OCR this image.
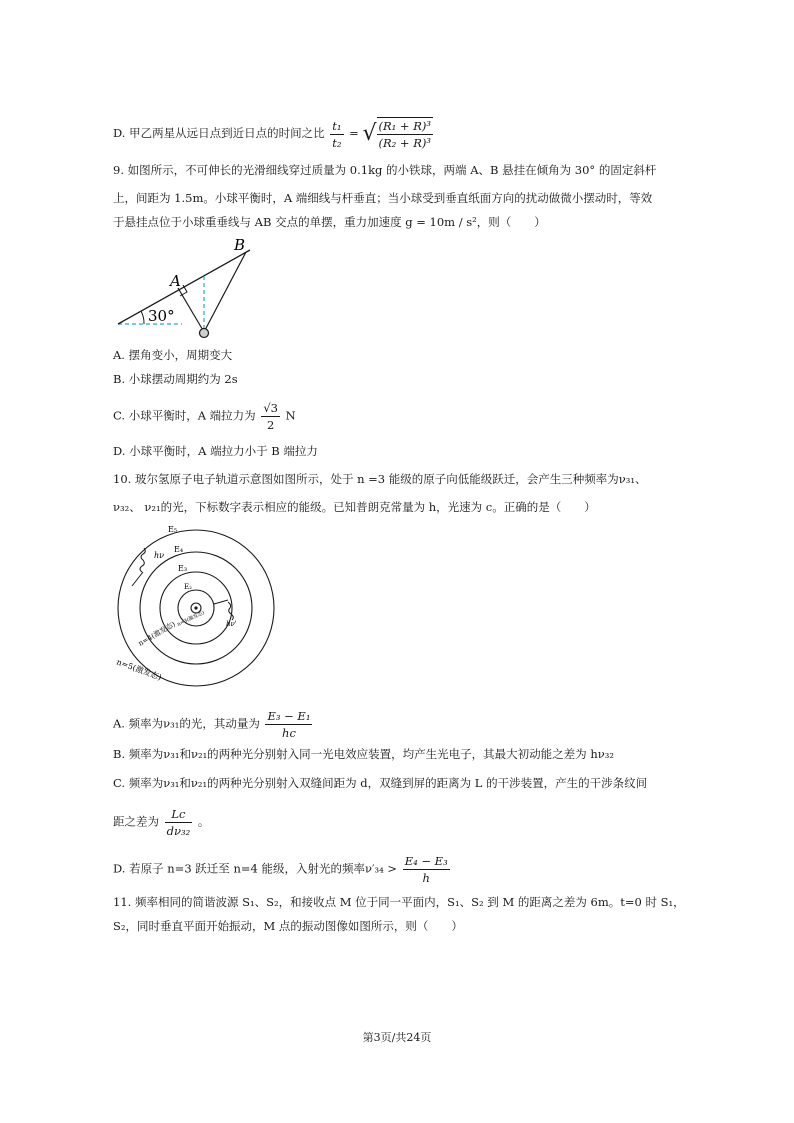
D. 甲乙两星从远日点到近日点的时间之比 $\frac{\text{t₁}}{\text{t₂}}$ = √ $\frac{\text{(R₁ + R)³}}{\text{(R₂ + R)³}}$
9. 如图所示，不可伸长的光滑细线穿过质量为 0.1kg 的小铁球，两端 A、B 悬挂在倾角为 30° 的固定斜杆
上，间距为 1.5m。小球平衡时，A 端细线与杆垂直；当小球受到垂直纸面方向的扰动做微小摆动时，等效
于悬挂点位于小球重垂线与 AB 交点的单摆，重力加速度 g = 10m / s²，则（　　）
A
B
30°
A. 摆角变小，周期变大
B. 小球摆动周期约为 2s
C. 小球平衡时，A 端拉力为 $\frac{√3}{2}$ N
D. 小球平衡时，A 端拉力小于 B 端拉力
10. 玻尔氢原子电子轨道示意图如图所示，处于 n =3 能级的原子向低能级跃迁，会产生三种频率为ν₃₁、
ν₃₂、 ν₂₁的光，下标数字表示相应的能级。已知普朗克常量为 h，光速为 c。正确的是（　　）
E₅
E₄
E₃
E₂
hν
hν'
n=3(激发态)
n=4(激发态)
n=5(激发态)
A. 频率为ν₃₁的光，其动量为 $\frac{\text{E₃ − E₁}}{hc}$
B. 频率为ν₃₁和ν₂₁的两种光分别射入同一光电效应装置，均产生光电子，其最大初动能之差为 hν₃₂
C. 频率为ν₃₁和ν₂₁的两种光分别射入双缝间距为 d，双缝到屏的距离为 L 的干涉装置，产生的干涉条纹间
距之差为 $\frac{Lc}{\text{dν₃₂}}$ 。
D. 若原子 n=3 跃迁至 n=4 能级，入射光的频率$\nu'_{34} > \frac{\text{E₄ − E₃}}{h}$
11. 频率相同的简谐波源 S₁、S₂，和接收点 M 位于同一平面内，S₁、S₂ 到 M 的距离之差为 6m。t=0 时 S₁，
S₂，同时垂直平面开始振动，M 点的振动图像如图所示，则（　　）
第3页/共24页
